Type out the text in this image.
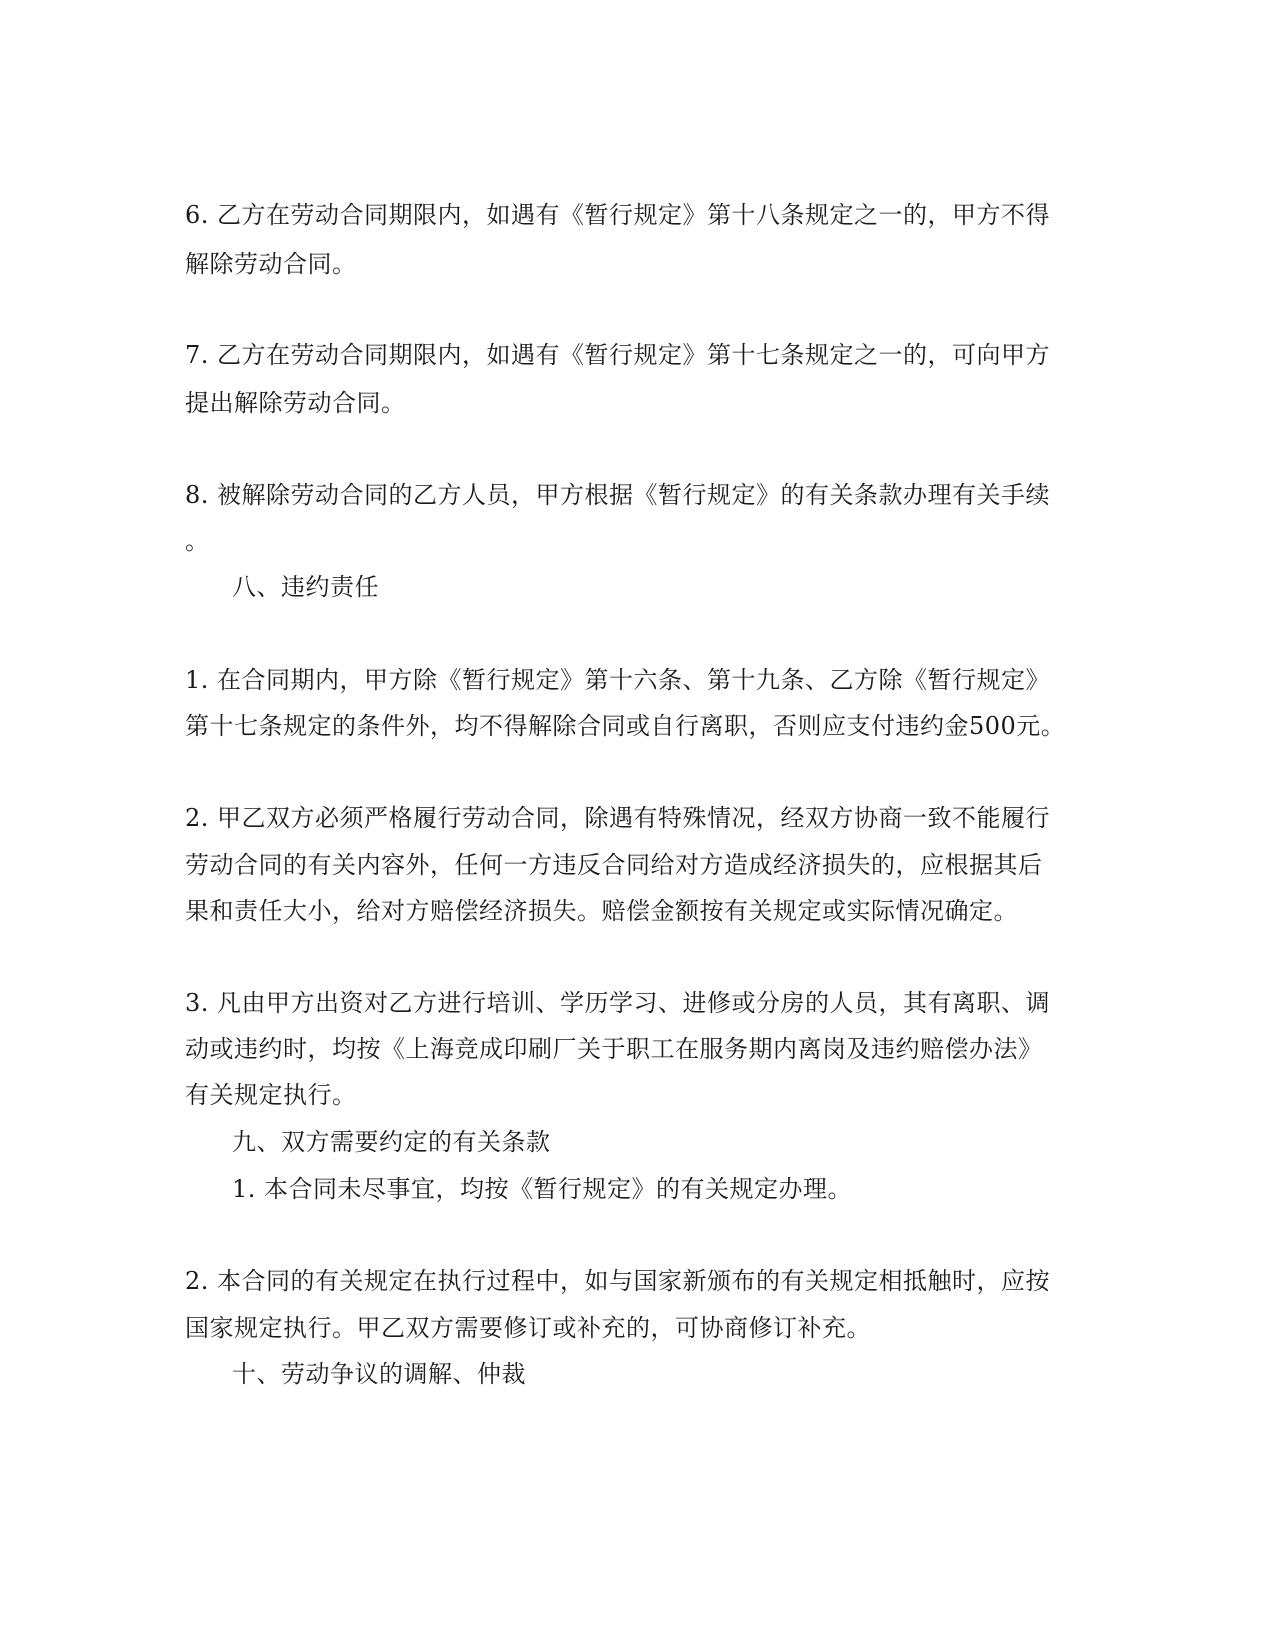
6. 乙方在劳动合同期限内，如遇有《暂行规定》第十八条规定之一的，甲方不得
解除劳动合同。
7. 乙方在劳动合同期限内，如遇有《暂行规定》第十七条规定之一的，可向甲方
提出解除劳动合同。
8. 被解除劳动合同的乙方人员，甲方根据《暂行规定》的有关条款办理有关手续
。
八、违约责任
1. 在合同期内，甲方除《暂行规定》第十六条、第十九条、乙方除《暂行规定》
第十七条规定的条件外，均不得解除合同或自行离职，否则应支付违约金500元。
2. 甲乙双方必须严格履行劳动合同，除遇有特殊情况，经双方协商一致不能履行
劳动合同的有关内容外，任何一方违反合同给对方造成经济损失的，应根据其后
果和责任大小，给对方赔偿经济损失。赔偿金额按有关规定或实际情况确定。
3. 凡由甲方出资对乙方进行培训、学历学习、进修或分房的人员，其有离职、调
动或违约时，均按《上海竞成印刷厂关于职工在服务期内离岗及违约赔偿办法》
有关规定执行。
九、双方需要约定的有关条款
1. 本合同未尽事宜，均按《暂行规定》的有关规定办理。
2. 本合同的有关规定在执行过程中，如与国家新颁布的有关规定相抵触时，应按
国家规定执行。甲乙双方需要修订或补充的，可协商修订补充。
十、劳动争议的调解、仲裁
